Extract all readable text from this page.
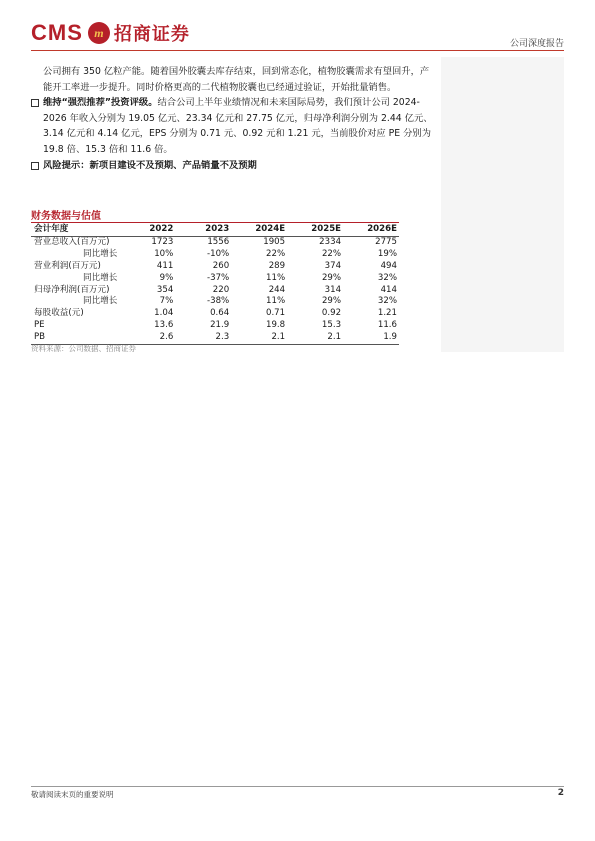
CMS m 招商证券	公司深度报告

公司拥有 350 亿粒产能。随着国外胶囊去库存结束，回到常态化，植物胶囊需求有望回升，产能开工率进一步提升。同时价格更高的二代植物胶囊也已经通过验证，开始批量销售。

维持“强烈推荐”投资评级。结合公司上半年业绩情况和未来国际局势，我们预计公司 2024-2026 年收入分别为 19.05 亿元、23.34 亿元和 27.75 亿元，归母净利润分别为 2.44 亿元、3.14 亿元和 4.14 亿元，EPS 分别为 0.71 元、0.92 元和 1.21 元，当前股价对应 PE 分别为 19.8 倍、15.3 倍和 11.6 倍。
风险提示：新项目建设不及预期、产品销量不及预期
财务数据与估值
会计年度	2022	2023	2024E	2025E	2026E
营业总收入(百万元)	1723	1556	1905	2334	2775
同比增长	10%	-10%	22%	22%	19%
营业利润(百万元)	411	260	289	374	494
同比增长	9%	-37%	11%	29%	32%
归母净利润(百万元)	354	220	244	314	414
同比增长	7%	-38%	11%	29%	32%
每股收益(元)	1.04	0.64	0.71	0.92	1.21
PE	13.6	21.9	19.8	15.3	11.6
PB	2.6	2.3	2.1	2.1	1.9
资料来源：公司数据、招商证券
敬请阅读末页的重要说明	2
